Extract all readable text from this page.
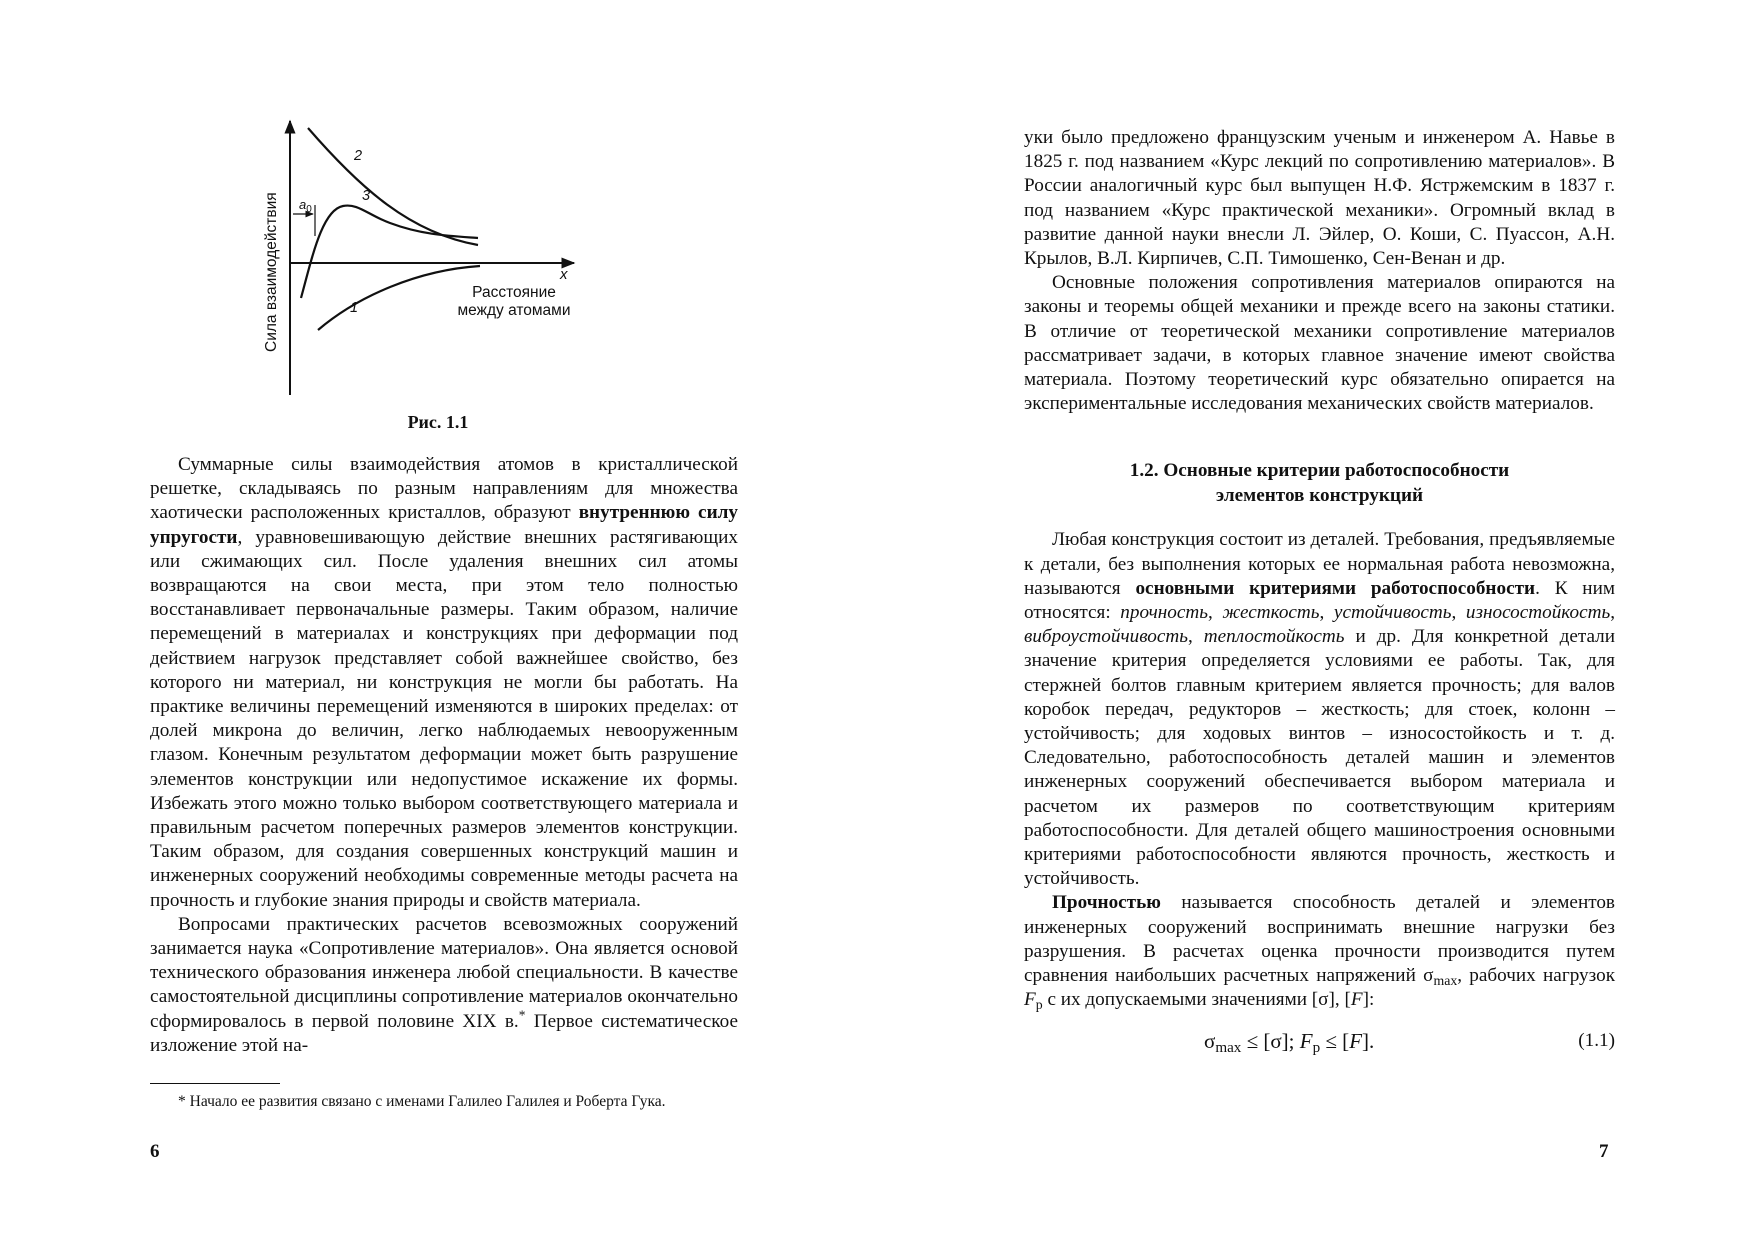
Сила взаимодействия	x
Расстояние
между атомами
$a_0$
2
3
1
Рис. 1.1

Суммарные силы взаимодействия атомов в кристаллической решетке, складываясь по разным направлениям для множества хаотически расположенных кристаллов, образуют внутреннюю силу упругости, уравновешивающую действие внешних растягивающих или сжимающих сил. После удаления внешних сил атомы возвращаются на свои места, при этом тело полностью восстанавливает первоначальные размеры. Таким образом, наличие перемещений в материалах и конструкциях при деформации под действием нагрузок представляет собой важнейшее свойство, без которого ни материал, ни конструкция не могли бы работать. На практике величины перемещений изменяются в широких пределах: от долей микрона до величин, легко наблюдаемых невооруженным глазом. Конечным результатом деформации может быть разрушение элементов конструкции или недопустимое искажение их формы. Избежать этого можно только выбором соответствующего материала и правильным расчетом поперечных размеров элементов конструкции. Таким образом, для создания совершенных конструкций машин и инженерных сооружений необходимы современные методы расчета на прочность и глубокие знания природы и свойств материала.

Вопросами практических расчетов всевозможных сооружений занимается наука «Сопротивление материалов». Она является основой технического образования инженера любой специальности. В качестве самостоятельной дисциплины сопротивление материалов окончательно сформировалось в первой половине XIX в.* Первое систематическое изложение этой на-

* Начало ее развития связано с именами Галилео Галилея и Роберта Гука.
6

уки было предложено французским ученым и инженером А. Навье в 1825 г. под названием «Курс лекций по сопротивлению материалов». В России аналогичный курс был выпущен Н.Ф. Ястржемским в 1837 г. под названием «Курс практической механики». Огромный вклад в развитие данной науки внесли Л. Эйлер, О. Коши, С. Пуассон, А.Н. Крылов, В.Л. Кирпичев, С.П. Тимошенко, Сен-Венан и др.

Основные положения сопротивления материалов опираются на законы и теоремы общей механики и прежде всего на законы статики. В отличие от теоретической механики сопротивление материалов рассматривает задачи, в которых главное значение имеют свойства материала. Поэтому теоретический курс обязательно опирается на экспериментальные исследования механических свойств материалов.

1.2. Основные критерии работоспособности
элементов конструкций

Любая конструкция состоит из деталей. Требования, предъявляемые к детали, без выполнения которых ее нормальная работа невозможна, называются основными критериями работоспособности. К ним относятся: прочность, жесткость, устойчивость, износостойкость, виброустойчивость, теплостойкость и др. Для конкретной детали значение критерия определяется условиями ее работы. Так, для стержней болтов главным критерием является прочность; для валов коробок передач, редукторов – жесткость; для стоек, колонн – устойчивость; для ходовых винтов – износостойкость и т. д. Следовательно, работоспособность деталей машин и элементов инженерных сооружений обеспечивается выбором материала и расчетом их размеров по соответствующим критериям работоспособности. Для деталей общего машиностроения основными критериями работоспособности являются прочность, жесткость и устойчивость.

Прочностью называется способность деталей и элементов инженерных сооружений воспринимать внешние нагрузки без разрушения. В расчетах оценка прочности производится путем сравнения наибольших расчетных напряжений $\sigma_{max}$, рабочих нагрузок $F_р$ с их допускаемыми значениями [σ], [F]:

$\sigma_{max} \le [\sigma]$; $F_р \le [F]$.	(1.1)
7
